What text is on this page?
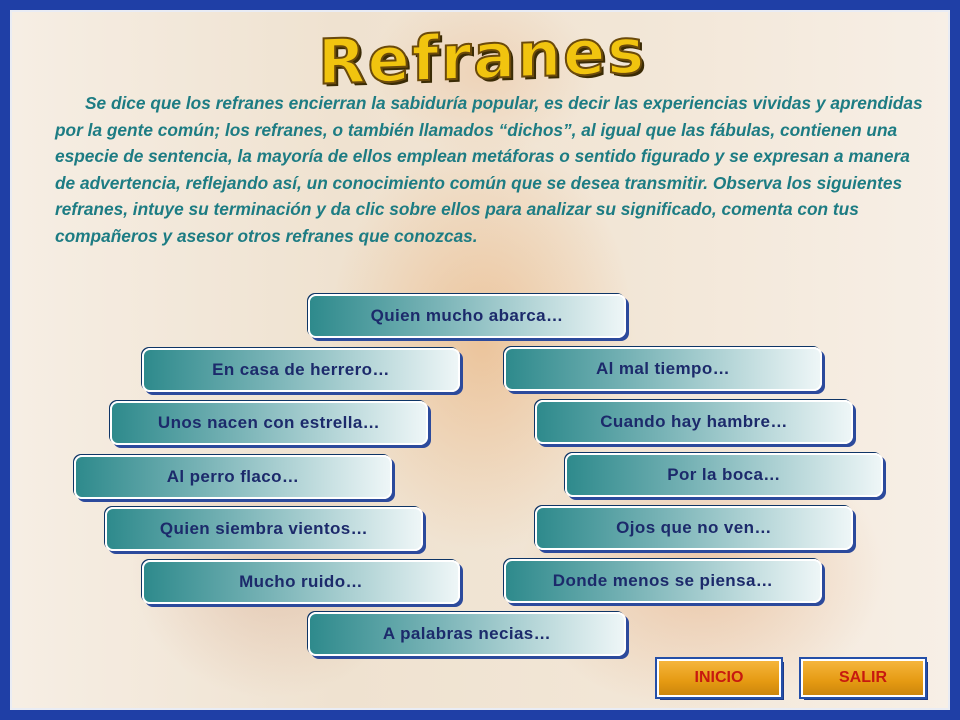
Refranes
Se dice que los refranes encierran la sabiduría popular, es decir las experiencias vividas y aprendidas por la gente común; los refranes, o también llamados “dichos”, al igual que las fábulas, contienen una especie de sentencia, la mayoría de ellos emplean metáforas o sentido figurado y se expresan a manera de advertencia, reflejando así, un conocimiento común que se desea transmitir. Observa los siguientes refranes, intuye su terminación y da clic sobre ellos para analizar su significado, comenta con tus compañeros y asesor otros refranes que conozcas.
Quien mucho abarca…
En casa de herrero…	Al mal tiempo…
Unos nacen con estrella…	Cuando hay hambre…
Al perro flaco…	Por la boca…
Quien siembra vientos…	Ojos que no ven…
Mucho ruido…	Donde menos se piensa…
A palabras necias…
INICIO	SALIR
